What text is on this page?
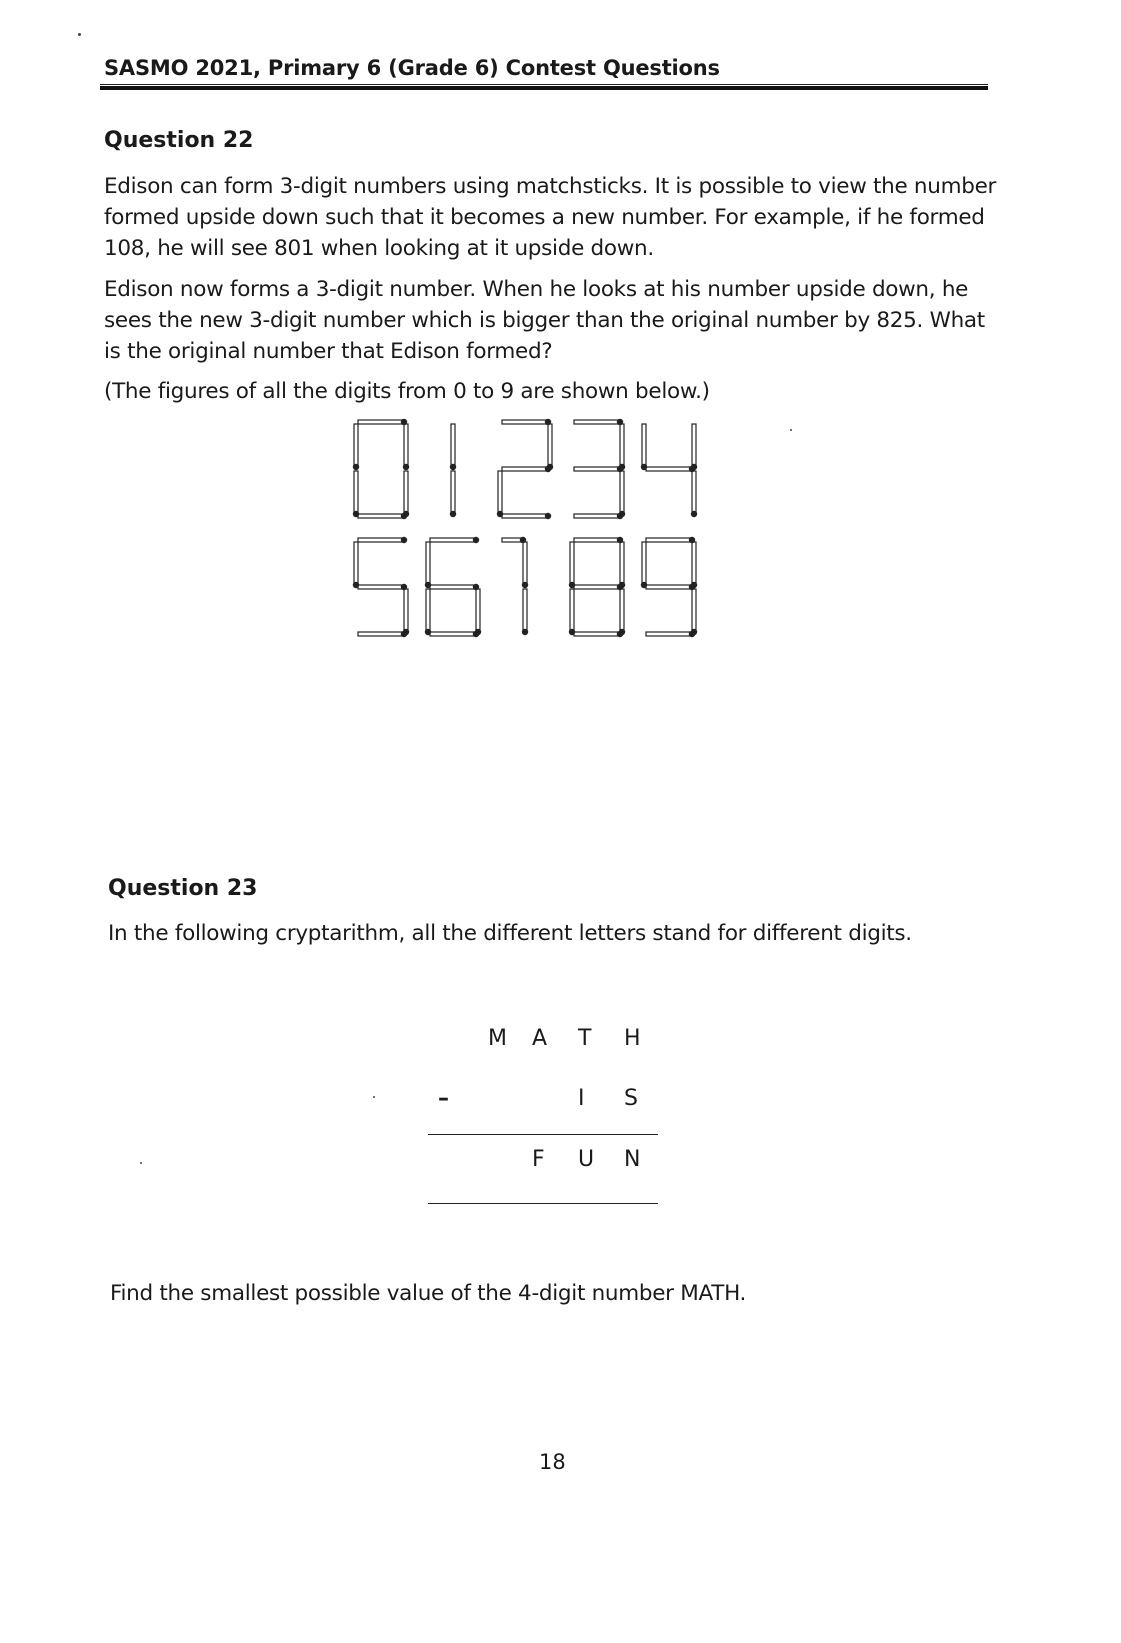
SASMO 2021, Primary 6 (Grade 6) Contest Questions
Question 22
Edison can form 3-digit numbers using matchsticks. It is possible to view the number
formed upside down such that it becomes a new number. For example, if he formed
108, he will see 801 when looking at it upside down.
Edison now forms a 3-digit number. When he looks at his number upside down, he
sees the new 3-digit number which is bigger than the original number by 825. What
is the original number that Edison formed?
(The figures of all the digits from 0 to 9 are shown below.)
Question 23
In the following cryptarithm, all the different letters stand for different digits.
M A T H
–	I S
F U N
Find the smallest possible value of the 4-digit number MATH.
18
